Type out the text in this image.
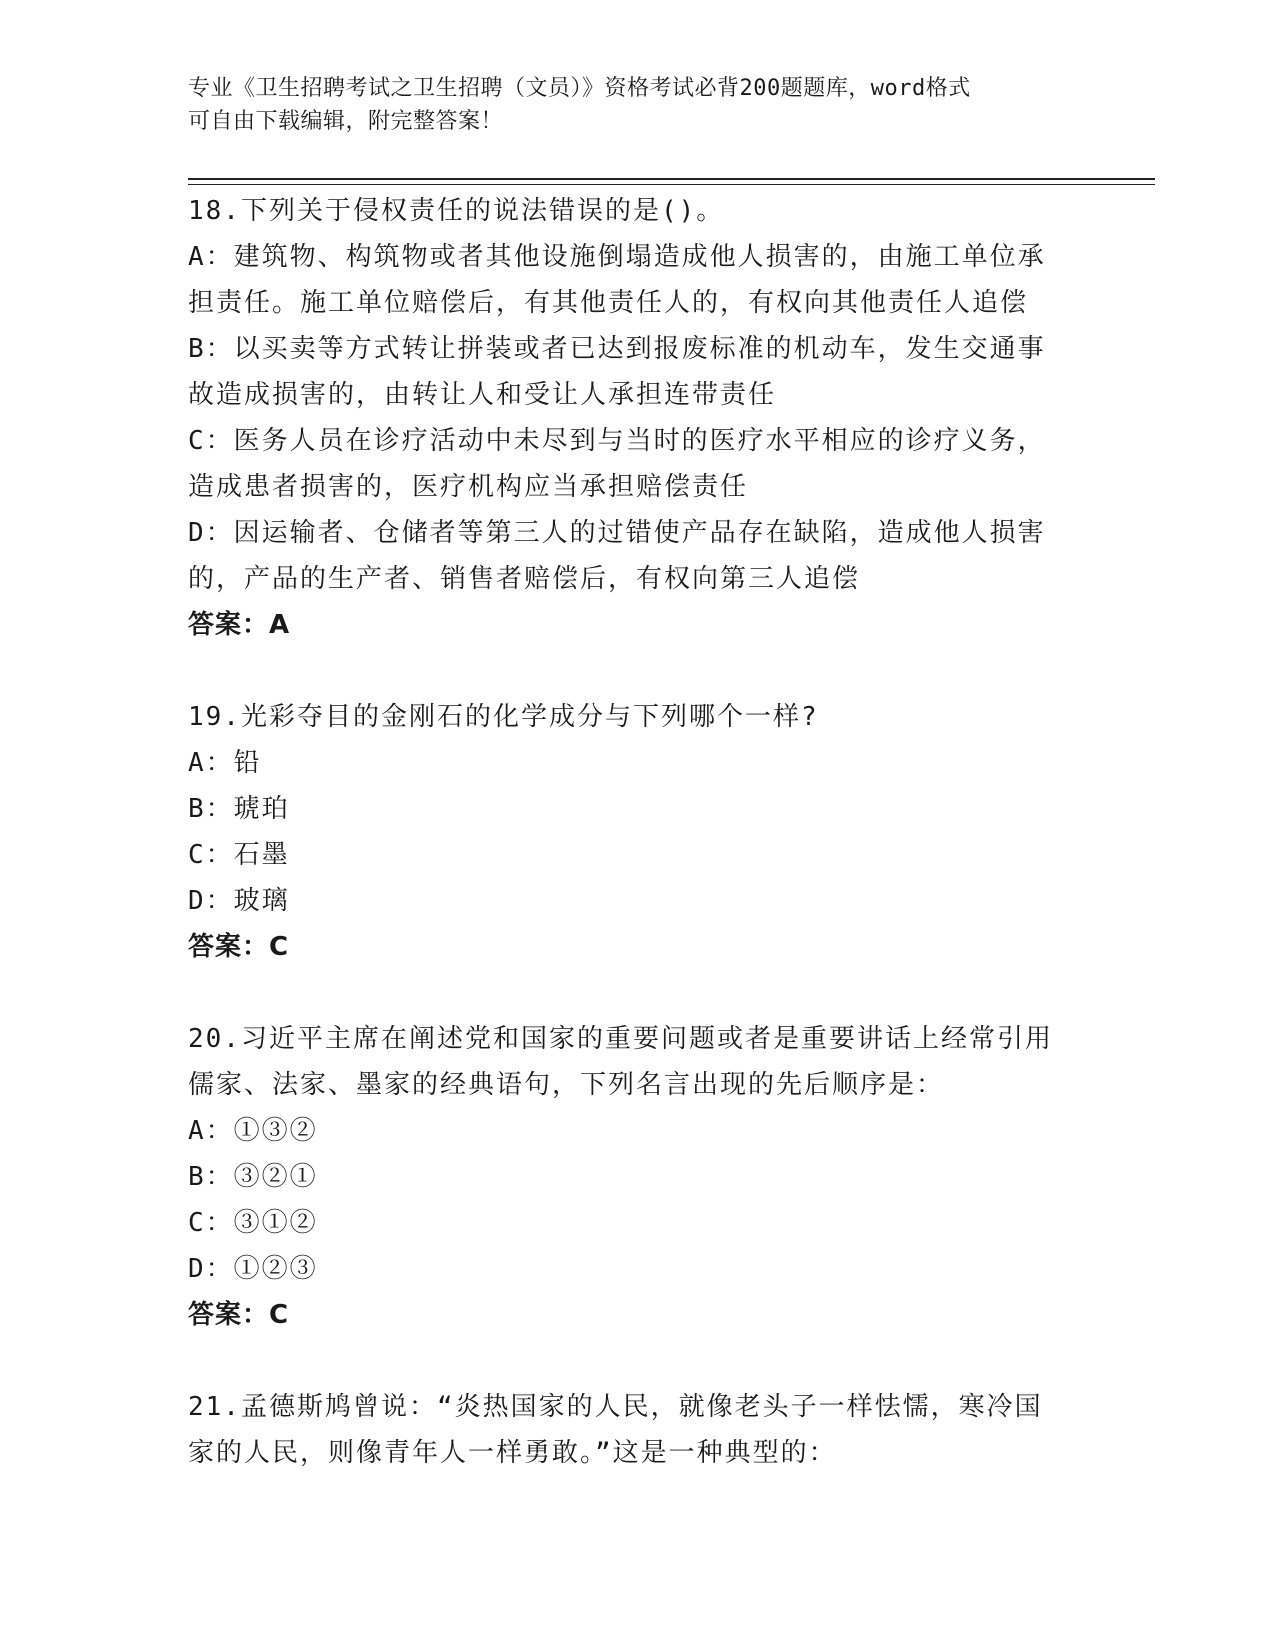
专业《卫生招聘考试之卫生招聘（文员）》资格考试必背200题题库，word格式
可自由下载编辑，附完整答案！
18.下列关于侵权责任的说法错误的是()。
A：建筑物、构筑物或者其他设施倒塌造成他人损害的，由施工单位承
担责任。施工单位赔偿后，有其他责任人的，有权向其他责任人追偿
B：以买卖等方式转让拼装或者已达到报废标准的机动车，发生交通事
故造成损害的，由转让人和受让人承担连带责任
C：医务人员在诊疗活动中未尽到与当时的医疗水平相应的诊疗义务，
造成患者损害的，医疗机构应当承担赔偿责任
D：因运输者、仓储者等第三人的过错使产品存在缺陷，造成他人损害
的，产品的生产者、销售者赔偿后，有权向第三人追偿
答案：A
19.光彩夺目的金刚石的化学成分与下列哪个一样?
A：铅
B：琥珀
C：石墨
D：玻璃
答案：C
20.习近平主席在阐述党和国家的重要问题或者是重要讲话上经常引用
儒家、法家、墨家的经典语句，下列名言出现的先后顺序是：
A：①③②
B：③②①
C：③①②
D：①②③
答案：C
21.孟德斯鸠曾说：“炎热国家的人民，就像老头子一样怯懦，寒冷国
家的人民，则像青年人一样勇敢。”这是一种典型的：
